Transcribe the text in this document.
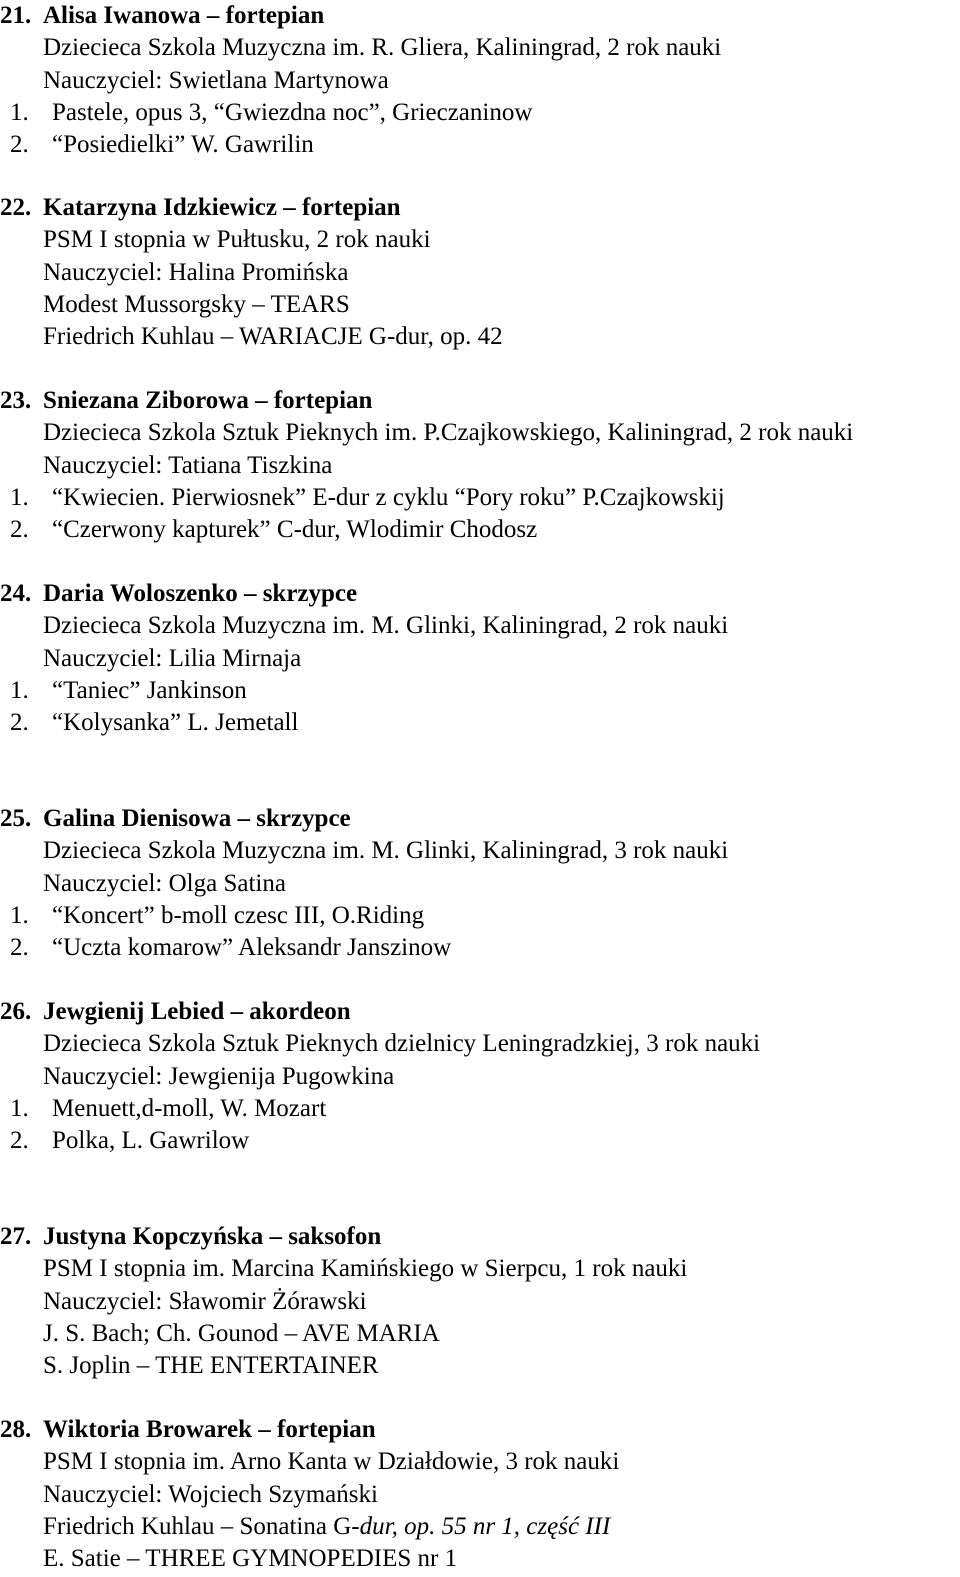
21. Alisa Iwanowa – fortepian
Dziecieca Szkola Muzyczna im. R. Gliera, Kaliningrad, 2 rok nauki
Nauczyciel: Swietlana Martynowa
1. Pastele, opus 3, “Gwiezdna noc”, Grieczaninow
2. “Posiedielki” W. Gawrilin
22. Katarzyna Idzkiewicz – fortepian
PSM I stopnia w Pułtusku, 2 rok nauki
Nauczyciel: Halina Promińska
Modest Mussorgsky – TEARS
Friedrich Kuhlau – WARIACJE G-dur, op. 42
23. Sniezana Ziborowa – fortepian
Dziecieca Szkola Sztuk Pieknych im. P.Czajkowskiego, Kaliningrad, 2 rok nauki
Nauczyciel: Tatiana Tiszkina
1. “Kwiecien. Pierwiosnek” E-dur z cyklu “Pory roku” P.Czajkowskij
2. “Czerwony kapturek” C-dur, Wlodimir Chodosz
24. Daria Woloszenko – skrzypce
Dziecieca Szkola Muzyczna im. M. Glinki, Kaliningrad, 2 rok nauki
Nauczyciel: Lilia Mirnaja
1. “Taniec” Jankinson
2. “Kolysanka” L. Jemetall
25. Galina Dienisowa – skrzypce
Dziecieca Szkola Muzyczna im. M. Glinki, Kaliningrad, 3 rok nauki
Nauczyciel: Olga Satina
1. “Koncert” b-moll czesc III, O.Riding
2. “Uczta komarow” Aleksandr Janszinow
26. Jewgienij Lebied – akordeon
Dziecieca Szkola Sztuk Pieknych dzielnicy Leningradzkiej, 3 rok nauki
Nauczyciel: Jewgienija Pugowkina
1. Menuett,d-moll, W. Mozart
2. Polka, L. Gawrilow
27. Justyna Kopczyńska – saksofon
PSM I stopnia im. Marcina Kamińskiego w Sierpcu, 1 rok nauki
Nauczyciel: Sławomir Żórawski
J. S. Bach; Ch. Gounod – AVE MARIA
S. Joplin – THE ENTERTAINER
28. Wiktoria Browarek – fortepian
PSM I stopnia im. Arno Kanta w Działdowie, 3 rok nauki
Nauczyciel: Wojciech Szymański
Friedrich Kuhlau – Sonatina G-dur, op. 55 nr 1, część III
E. Satie – THREE GYMNOPEDIES nr 1
